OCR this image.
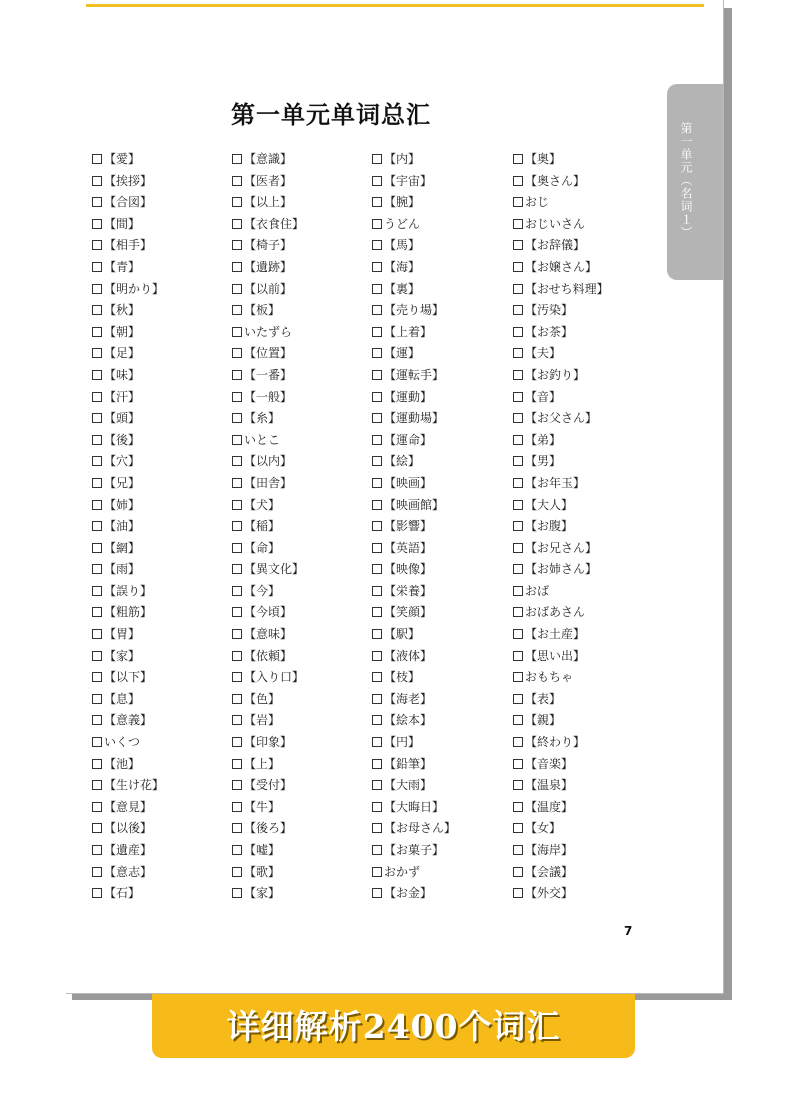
第一单元单词总汇
7
第一单元（名词１）
【愛】
【挨拶】
【合図】
【間】
【相手】
【青】
【明かり】
【秋】
【朝】
【足】
【味】
【汗】
【頭】
【後】
【穴】
【兄】
【姉】
【油】
【網】
【雨】
【誤り】
【粗筋】
【胃】
【家】
【以下】
【息】
【意義】
いくつ
【池】
【生け花】
【意見】
【以後】
【遺産】
【意志】
【石】
【意識】
【医者】
【以上】
【衣食住】
【椅子】
【遺跡】
【以前】
【板】
いたずら
【位置】
【一番】
【一般】
【糸】
いとこ
【以内】
【田舎】
【犬】
【稲】
【命】
【異文化】
【今】
【今頃】
【意味】
【依頼】
【入り口】
【色】
【岩】
【印象】
【上】
【受付】
【牛】
【後ろ】
【嘘】
【歌】
【家】
【内】
【宇宙】
【腕】
うどん
【馬】
【海】
【裏】
【売り場】
【上着】
【運】
【運転手】
【運動】
【運動場】
【運命】
【絵】
【映画】
【映画館】
【影響】
【英語】
【映像】
【栄養】
【笑顔】
【駅】
【液体】
【枝】
【海老】
【絵本】
【円】
【鉛筆】
【大雨】
【大晦日】
【お母さん】
【お菓子】
おかず
【お金】
【奥】
【奥さん】
おじ
おじいさん
【お辞儀】
【お嬢さん】
【おせち料理】
【汚染】
【お茶】
【夫】
【お釣り】
【音】
【お父さん】
【弟】
【男】
【お年玉】
【大人】
【お腹】
【お兄さん】
【お姉さん】
おば
おばあさん
【お土産】
【思い出】
おもちゃ
【表】
【親】
【終わり】
【音楽】
【温泉】
【温度】
【女】
【海岸】
【会議】
【外交】
详细解析2400个词汇
